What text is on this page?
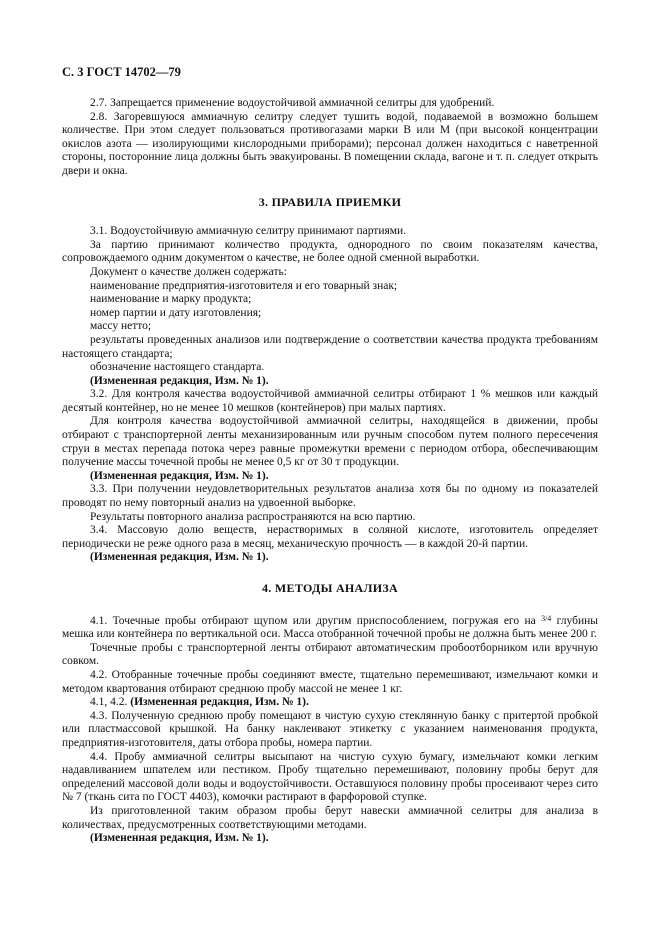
С. 3 ГОСТ 14702—79

2.7. Запрещается применение водоустойчивой аммиачной селитры для удобрений.

2.8. Загоревшуюся аммиачную селитру следует тушить водой, подаваемой в возможно большем количестве. При этом следует пользоваться противогазами марки В или М (при высокой концентрации окислов азота — изолирующими кислородными приборами); персонал должен находиться с наветренной стороны, посторонние лица должны быть эвакуированы. В помещении склада, вагоне и т. п. следует открыть двери и окна.

3. ПРАВИЛА ПРИЕМКИ

3.1. Водоустойчивую аммиачную селитру принимают партиями.

За партию принимают количество продукта, однородного по своим показателям качества, сопровождаемого одним документом о качестве, не более одной сменной выработки.

Документ о качестве должен содержать:

наименование предприятия-изготовителя и его товарный знак;

наименование и марку продукта;

номер партии и дату изготовления;

массу нетто;

результаты проведенных анализов или подтверждение о соответствии качества продукта требованиям настоящего стандарта;

обозначение настоящего стандарта.

(Измененная редакция, Изм. № 1).

3.2. Для контроля качества водоустойчивой аммиачной селитры отбирают 1 % мешков или каждый десятый контейнер, но не менее 10 мешков (контейнеров) при малых партиях.

Для контроля качества водоустойчивой аммиачной селитры, находящейся в движении, пробы отбирают с транспортерной ленты механизированным или ручным способом путем полного пересечения струи в местах перепада потока через равные промежутки времени с периодом отбора, обеспечивающим получение массы точечной пробы не менее 0,5 кг от 30 т продукции.

(Измененная редакция, Изм. № 1).

3.3. При получении неудовлетворительных результатов анализа хотя бы по одному из показателей проводят по нему повторный анализ на удвоенной выборке.

Результаты повторного анализа распространяются на всю партию.

3.4. Массовую долю веществ, нерастворимых в соляной кислоте, изготовитель определяет периодически не реже одного раза в месяц, механическую прочность — в каждой 20-й партии.

(Измененная редакция, Изм. № 1).

4. МЕТОДЫ АНАЛИЗА

4.1. Точечные пробы отбирают щупом или другим приспособлением, погружая его на $^{3/4}$ глубины мешка или контейнера по вертикальной оси. Масса отобранной точечной пробы не должна быть менее 200 г.

Точечные пробы с транспортерной ленты отбирают автоматическим пробоотборником или вручную совком.

4.2. Отобранные точечные пробы соединяют вместе, тщательно перемешивают, измельчают комки и методом квартования отбирают среднюю пробу массой не менее 1 кг.

4.1, 4.2. (Измененная редакция, Изм. № 1).

4.3. Полученную среднюю пробу помещают в чистую сухую стеклянную банку с притертой пробкой или пластмассовой крышкой. На банку наклеивают этикетку с указанием наименования продукта, предприятия-изготовителя, даты отбора пробы, номера партии.

4.4. Пробу аммиачной селитры высыпают на чистую сухую бумагу, измельчают комки легким надавливанием шпателем или пестиком. Пробу тщательно перемешивают, половину пробы берут для определений массовой доли воды и водоустойчивости. Оставшуюся половину пробы просеивают через сито № 7 (ткань сита по ГОСТ 4403), комочки растирают в фарфоровой ступке.

Из приготовленной таким образом пробы берут навески аммиачной селитры для анализа в количествах, предусмотренных соответствующими методами.

(Измененная редакция, Изм. № 1).
